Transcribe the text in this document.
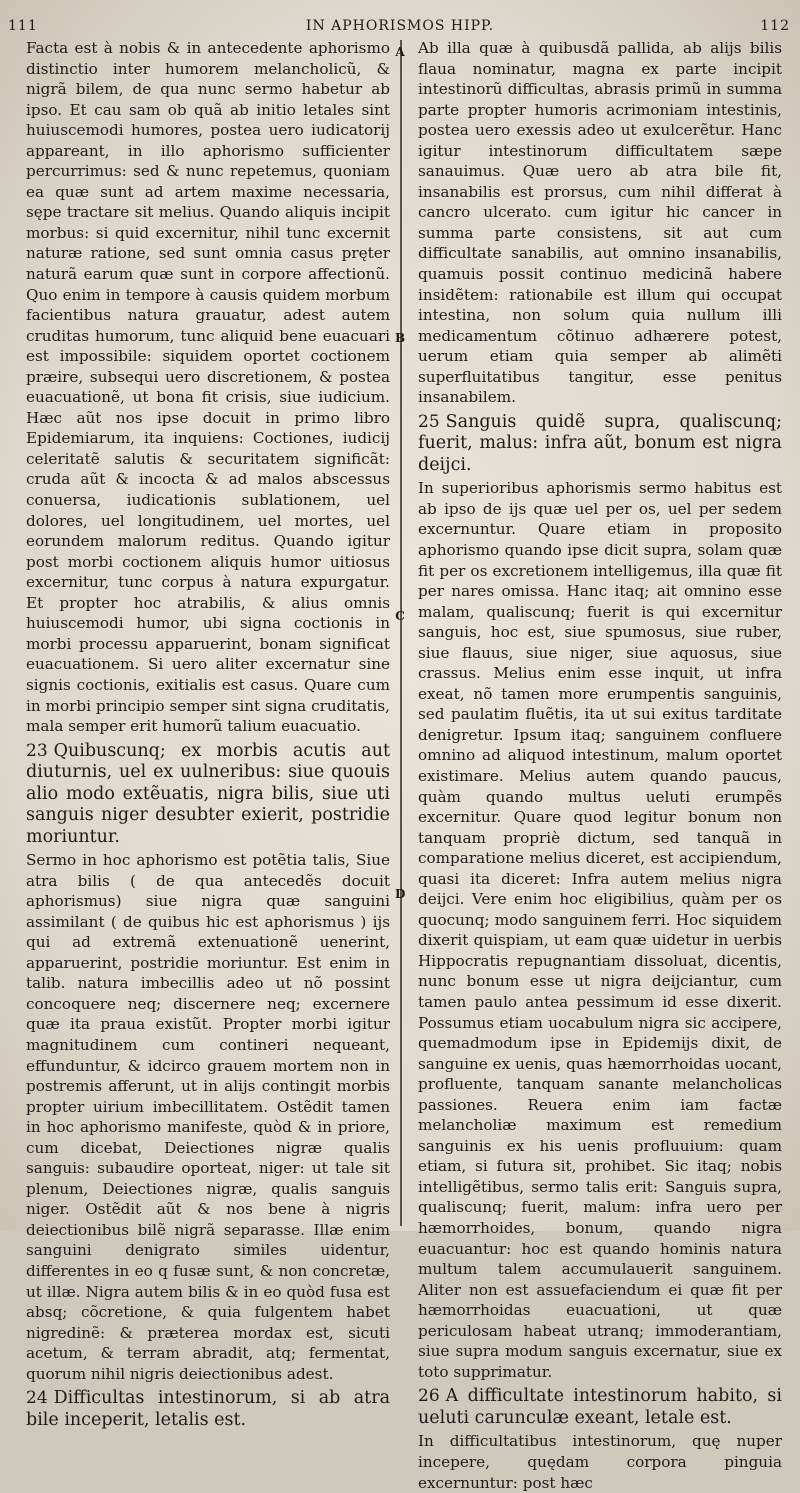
111	IN APHORISMOS HIPP.	112
A
B
C
D

Facta est à nobis & in antecedente aphorismo distinctio inter humorem melancholicũ, & nigrã bilem, de qua nunc sermo habetur ab ipso. Et cau sam ob quã ab initio letales sint huiuscemodi humores, postea uero iudicatorij appareant, in illo aphorismo sufficienter percurrimus: sed & nunc repetemus, quoniam ea quæ sunt ad artem maxime necessaria, sępe tractare sit melius. Quando aliquis incipit morbus: si quid excernitur, nihil tunc excernit naturæ ratione, sed sunt omnia casus pręter naturã earum quæ sunt in corpore affectionũ. Quo enim in tempore à causis quidem morbum facientibus natura grauatur, adest autem cruditas humorum, tunc aliquid bene euacuari est impossibile: siquidem oportet coctionem præire, subsequi uero discretionem, & postea euacuationẽ, ut bona fit crisis, siue iudicium. Hæc aũt nos ipse docuit in primo libro Epidemiarum, ita inquiens: Coctiones, iudicij celeritatẽ salutis & securitatem significãt: cruda aũt & incocta & ad malos abscessus conuersa, iudicationis sublationem, uel dolores, uel longitudinem, uel mortes, uel eorundem malorum reditus. Quando igitur post morbi coctionem aliquis humor uitiosus excernitur, tunc corpus à natura expurgatur. Et propter hoc atrabilis, & alius omnis huiuscemodi humor, ubi signa coctionis in morbi processu apparuerint, bonam significat euacuationem. Si uero aliter excernatur sine signis coctionis, exitialis est casus. Quare cum in morbi principio semper sint signa cruditatis, mala semper erit humorũ talium euacuatio.

23 Quibuscunq; ex morbis acutis aut diuturnis, uel ex uulneribus: siue quouis alio modo extẽuatis, nigra bilis, siue uti sanguis niger desubter exierit, postridie moriuntur.

Sermo in hoc aphorismo est potẽtia talis, Siue atra bilis ( de qua antecedẽs docuit aphorismus) siue nigra quæ sanguini assimilant ( de quibus hic est aphorismus ) ijs qui ad extremã extenuationẽ uenerint, apparuerint, postridie moriuntur. Est enim in talib. natura imbecillis adeo ut nõ possint concoquere neq; discernere neq; excernere quæ ita praua existũt. Propter morbi igitur magnitudinem cum contineri nequeant, effunduntur, & idcirco grauem mortem non in postremis afferunt, ut in alijs contingit morbis propter uirium imbecillitatem. Ostẽdit tamen in hoc aphorismo manifeste, quòd & in priore, cum dicebat, Deiectiones nigræ qualis sanguis: subaudire oporteat, niger: ut tale sit plenum, Deiectiones nigræ, qualis sanguis niger. Ostẽdit aũt & nos bene à nigris deiectionibus bilẽ nigrã separasse. Illæ enim sanguini denigrato similes uidentur, differentes in eo q fusæ sunt, & non concretæ, ut illæ. Nigra autem bilis & in eo quòd fusa est absq; cõcretione, & quia fulgentem habet nigredinẽ: & præterea mordax est, sicuti acetum, & terram abradit, atq; fermentat, quorum nihil nigris deiectionibus adest.

24 Difficultas intestinorum, si ab atra bile inceperit, letalis est.

Ab illa quæ à quibusdã pallida, ab alijs bilis flaua nominatur, magna ex parte incipit intestinorũ difficultas, abrasis primũ in summa parte propter humoris acrimoniam intestinis, postea uero exessis adeo ut exulcerẽtur. Hanc igitur intestinorum difficultatem sæpe sanauimus. Quæ uero ab atra bile fit, insanabilis est prorsus, cum nihil differat à cancro ulcerato. cum igitur hic cancer in summa parte consistens, sit aut cum difficultate sanabilis, aut omnino insanabilis, quamuis possit continuo medicinã habere insidẽtem: rationabile est illum qui occupat intestina, non solum quia nullum illi medicamentum cõtinuo adhærere potest, uerum etiam quia semper ab alimẽti superfluitatibus tangitur, esse penitus insanabilem.

25 Sanguis quidẽ supra, qualiscunq; fuerit, malus: infra aũt, bonum est nigra deijci.

In superioribus aphorismis sermo habitus est ab ipso de ijs quæ uel per os, uel per sedem excernuntur. Quare etiam in proposito aphorismo quando ipse dicit supra, solam quæ fit per os excretionem intelligemus, illa quæ fit per nares omissa. Hanc itaq; ait omnino esse malam, qualiscunq; fuerit is qui excernitur sanguis, hoc est, siue spumosus, siue ruber, siue flauus, siue niger, siue aquosus, siue crassus. Melius enim esse inquit, ut infra exeat, nõ tamen more erumpentis sanguinis, sed paulatim fluẽtis, ita ut sui exitus tarditate denigretur. Ipsum itaq; sanguinem confluere omnino ad aliquod intestinum, malum oportet existimare. Melius autem quando paucus, quàm quando multus ueluti erumpẽs excernitur. Quare quod legitur bonum non tanquam propriè dictum, sed tanquã in comparatione melius diceret, est accipiendum, quasi ita diceret: Infra autem melius nigra deijci. Vere enim hoc eligibilius, quàm per os quocunq; modo sanguinem ferri. Hoc siquidem dixerit quispiam, ut eam quæ uidetur in uerbis Hippocratis repugnantiam dissoluat, dicentis, nunc bonum esse ut nigra deijciantur, cum tamen paulo antea pessimum id esse dixerit. Possumus etiam uocabulum nigra sic accipere, quemadmodum ipse in Epidemijs dixit, de sanguine ex uenis, quas hæmorrhoidas uocant, profluente, tanquam sanante melancholicas passiones. Reuera enim iam factæ melancholiæ maximum est remedium sanguinis ex his uenis profluuium: quam etiam, si futura sit, prohibet. Sic itaq; nobis intelligẽtibus, sermo talis erit: Sanguis supra, qualiscunq; fuerit, malum: infra uero per hæmorrhoides, bonum, quando nigra euacuantur: hoc est quando hominis natura multum talem accumulauerit sanguinem. Aliter non est assuefaciendum ei quæ fit per hæmorrhoidas euacuationi, ut quæ periculosam habeat utranq; immoderantiam, siue supra modum sanguis excernatur, siue ex toto supprimatur.

26 A difficultate intestinorum habito, si ueluti carunculæ exeant, letale est.

In difficultatibus intestinorum, quę nuper incepere, quędam corpora pinguia excernuntur: post hæc
